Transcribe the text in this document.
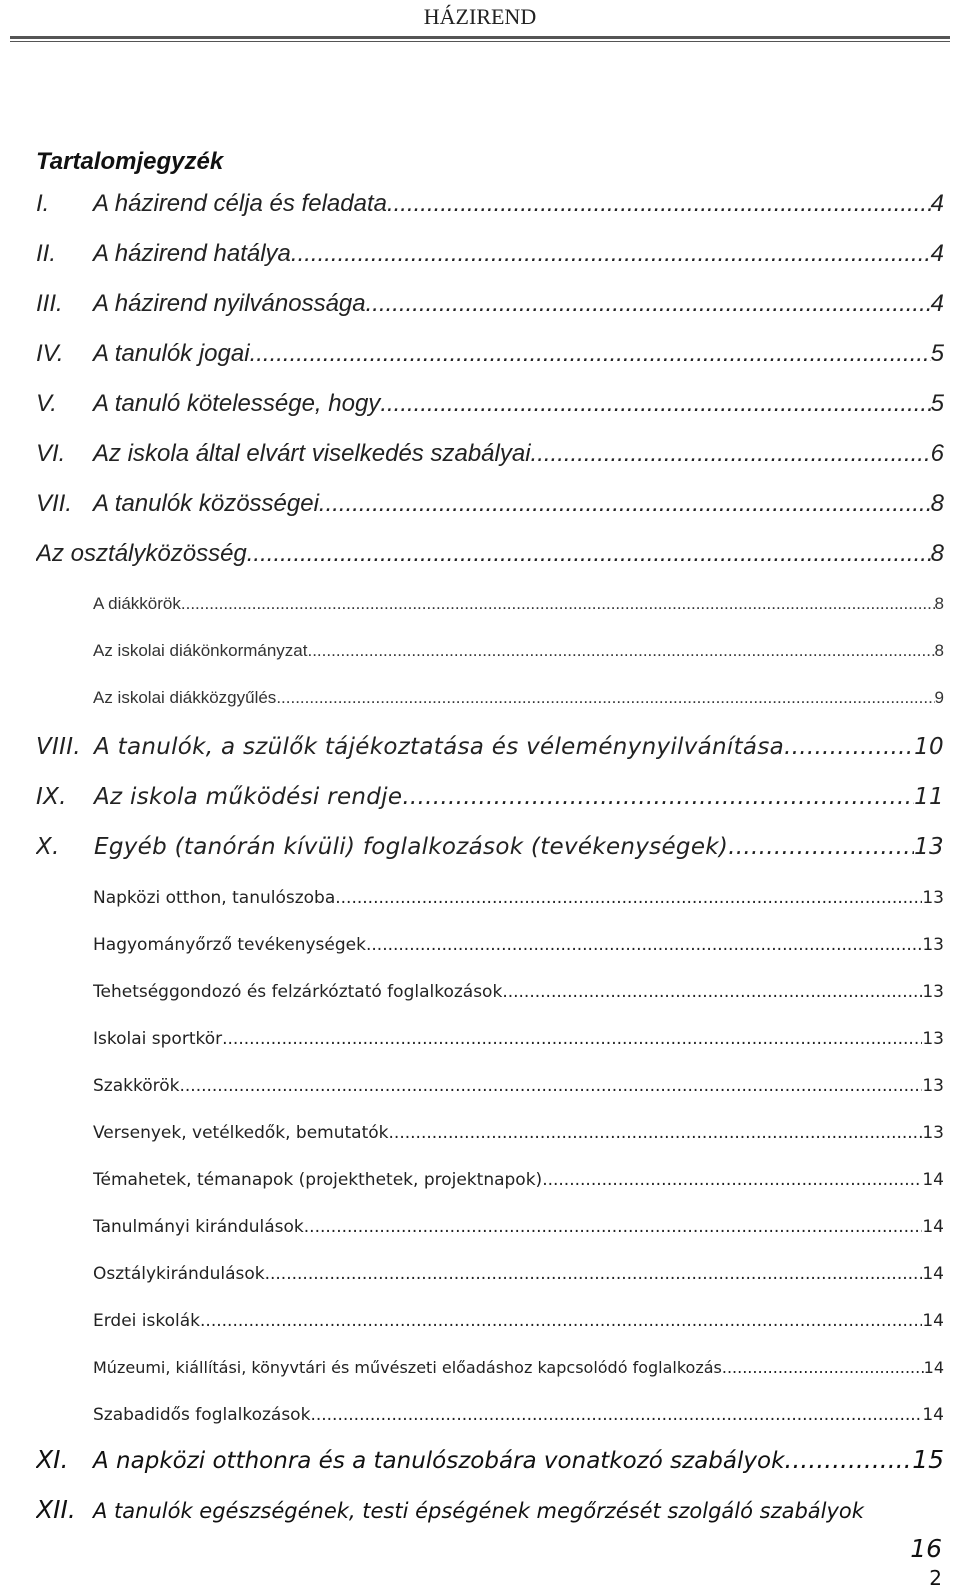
HÁZIREND
Tartalomjegyzék
I.	A házirend célja és feladata .....	4
II.	A házirend hatálya .....	4
III.	A házirend nyilvánossága .....	4
IV.	A tanulók jogai .....	5
V.	A tanuló kötelessége, hogy .....	5
VI.	Az iskola által elvárt viselkedés szabályai .....	6
VII. A tanulók közösségei .....	8
Az osztályközösség .....	8
A diákkörök .....	8
Az iskolai diákönkormányzat .....	8
Az iskolai diákközgyűlés .....	9
VIII. A tanulók, a szülők tájékoztatása és véleménynyilvánítása .....	10
IX.	Az iskola működési rendje .....	11
X.	Egyéb (tanórán kívüli) foglalkozások (tevékenységek) .....	13
Napközi otthon, tanulószoba. .....	13
Hagyományőrző tevékenységek .....	13
Tehetséggondozó és felzárkóztató foglalkozások .....	13
Iskolai sportkör .....	13
Szakkörök .....	13
Versenyek, vetélkedők, bemutatók .....	13
Témahetek, témanapok (projekthetek, projektnapok) .....	14
Tanulmányi kirándulások .....	14
Osztálykirándulások .....	14
Erdei iskolák .....	14
Múzeumi, kiállítási, könyvtári és művészeti előadáshoz kapcsolódó foglalkozás .....	14
Szabadidős foglalkozások .....	14
XI.	A napközi otthonra és a tanulószobára vonatkozó szabályok .....	15
XII. A tanulók egészségének, testi épségének megőrzését szolgáló szabályok
16
2
